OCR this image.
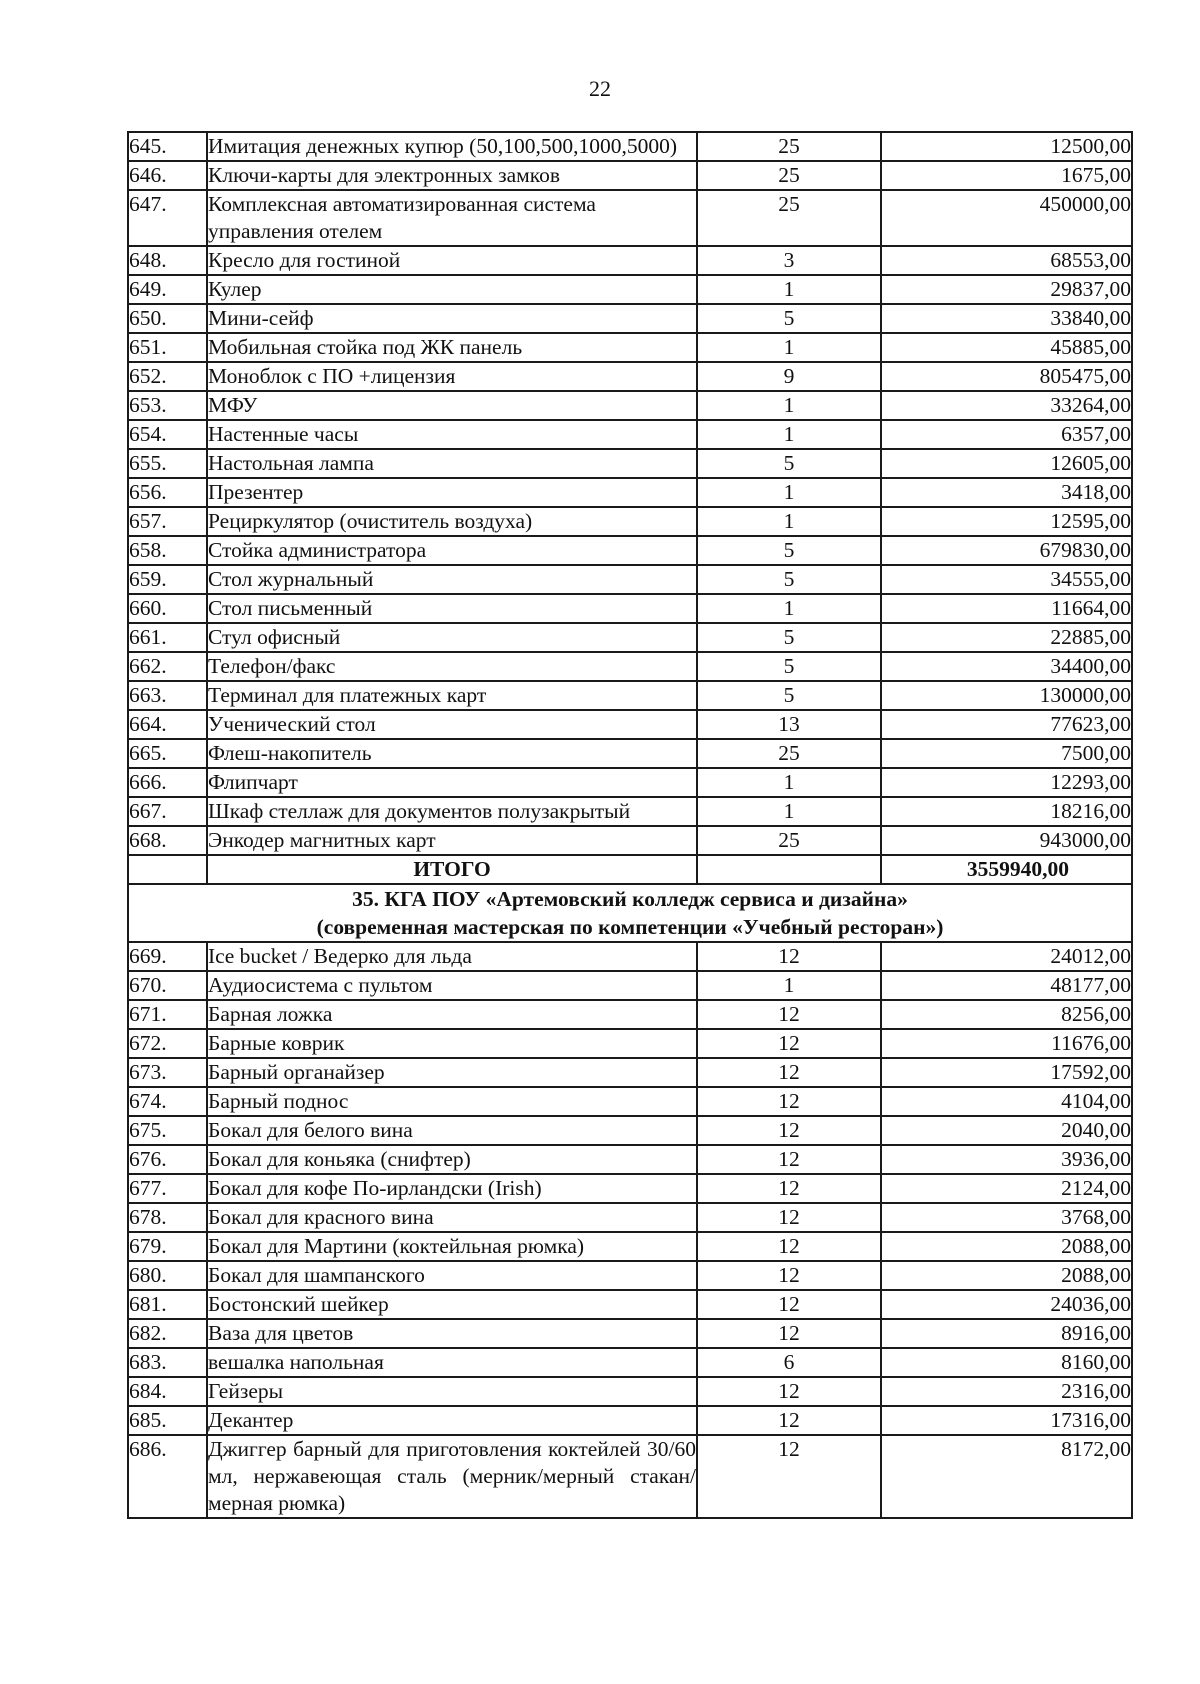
22
645.	Имитация денежных купюр (50,100,500,1000,5000)	25	12500,00
646.	Ключи-карты для электронных замков	25	1675,00
647.	Комплексная автоматизированная система управления отелем	25	450000,00
648.	Кресло для гостиной	3	68553,00
649.	Кулер	1	29837,00
650.	Мини-сейф	5	33840,00
651.	Мобильная стойка под ЖК панель	1	45885,00
652.	Моноблок с ПО +лицензия	9	805475,00
653.	МФУ	1	33264,00
654.	Настенные часы	1	6357,00
655.	Настольная лампа	5	12605,00
656.	Презентер	1	3418,00
657.	Рециркулятор (очиститель воздуха)	1	12595,00
658.	Стойка администратора	5	679830,00
659.	Стол журнальный	5	34555,00
660.	Стол письменный	1	11664,00
661.	Стул офисный	5	22885,00
662.	Телефон/факс	5	34400,00
663.	Терминал для платежных карт	5	130000,00
664.	Ученический стол	13	77623,00
665.	Флеш-накопитель	25	7500,00
666.	Флипчарт	1	12293,00
667.	Шкаф стеллаж для документов полузакрытый	1	18216,00
668.	Энкодер магнитных карт	25	943000,00
	ИТОГО		3559940,00

35. КГА ПОУ «Артемовский колледж сервиса и дизайна»
(современная мастерская по компетенции «Учебный ресторан»)			

669.	Ice bucket / Ведерко для льда	12	24012,00
670.	Аудиосистема с пультом	1	48177,00
671.	Барная ложка	12	8256,00
672.	Барные коврик	12	11676,00
673.	Барный органайзер	12	17592,00
674.	Барный поднос	12	4104,00
675.	Бокал для белого вина	12	2040,00
676.	Бокал для коньяка (снифтер)	12	3936,00
677.	Бокал для кофе По-ирландски (Irish)	12	2124,00
678.	Бокал для красного вина	12	3768,00
679.	Бокал для Мартини (коктейльная рюмка)	12	2088,00
680.	Бокал для шампанского	12	2088,00
681.	Бостонский шейкер	12	24036,00
682.	Ваза для цветов	12	8916,00
683.	вешалка напольная	6	8160,00
684.	Гейзеры	12	2316,00
685.	Декантер	12	17316,00
686.	Джиггер барный для приготовления коктейлей 30/60 мл, нержавеющая сталь (мерник/мерный стакан/ мерная рюмка)	12	8172,00
